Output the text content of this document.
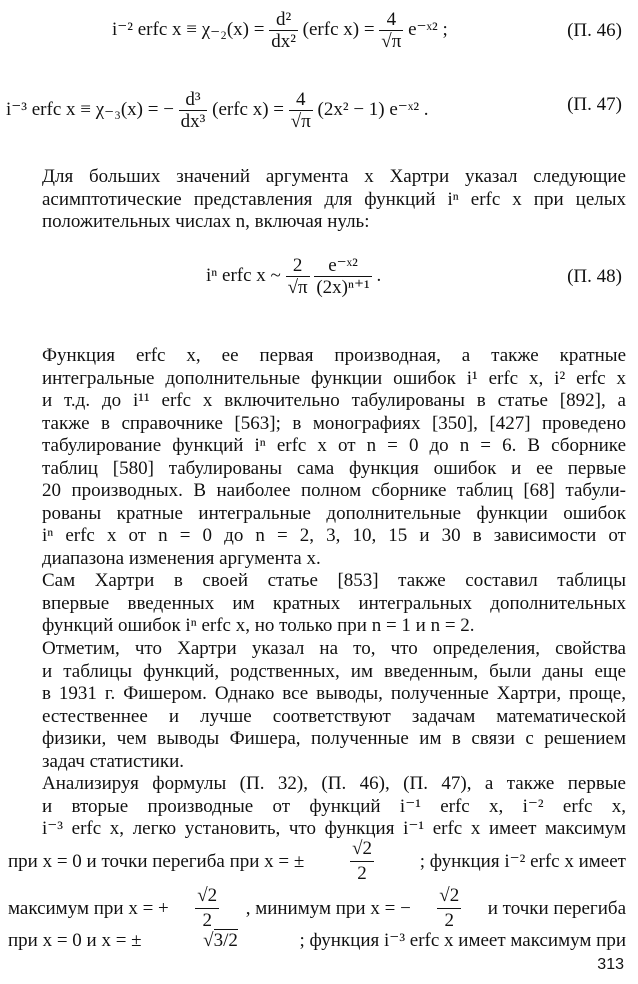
i⁻² erfc $x \equiv \chi_{-2}(x) = \frac{\text{d²}}{\text{dx²}}$ (erfc $x) = \frac{4}{√\pi}$ e⁻ˣ² ;	(П. 46)
i⁻³ erfc x ≡ χ₋₃(x) = − $\frac{\text{d³}}{\text{dx³}}$ (erfc $x) = \frac{4}{√\pi} (2x^2 - 1)$ e⁻ˣ² .	(П. 47)
Для больших значений аргумента x Хартри указал следующие
асимптотические представления для функций iⁿ erfc x при целых
положительных числах n, включая нуль:
iⁿ erfc x ~ $\frac{2}{√\pi}$
$\frac{\text{e⁻ˣ²}}{\text{(2x)ⁿ⁺¹}}$ .	(П. 48)
Функция erfc x, ее первая производная, а также кратные
интегральные дополнительные функции ошибок i¹ erfc x, i² erfc x
и т.д. до i¹¹ erfc x включительно табулированы в статье [892], а
также в справочнике [563]; в монографиях [350], [427] проведено
табулирование функций iⁿ erfc x от n = 0 до n = 6. В сборнике
таблиц [580] табулированы сама функция ошибок и ее первые
20 производных. В наиболее полном сборнике таблиц [68] табули-
рованы кратные интегральные дополнительные функции ошибок
iⁿ erfc x от n = 0 до n = 2, 3, 10, 15 и 30 в зависимости от
диапазона изменения аргумента x.
Сам Хартри в своей статье [853] также составил таблицы
впервые введенных им кратных интегральных дополнительных
функций ошибок iⁿ erfc x, но только при n = 1 и n = 2.
Отметим, что Хартри указал на то, что определения, свойства
и таблицы функций, родственных, им введенным, были даны еще
в 1931 г. Фишером. Однако все выводы, полученные Хартри, проще,
естественнее и лучше соответствуют задачам математической
физики, чем выводы Фишера, полученные им в связи с решением
задач статистики.
Анализируя формулы (П. 32), (П. 46), (П. 47), а также первые
и вторые производные от функций i⁻¹ erfc x, i⁻² erfc x,
i⁻³ erfc x, легко установить, что функция i⁻¹ erfc x имеет максимум
при x = 0 и точки перегиба при x = ± $\frac{√2}{2}$ ; функция i⁻² erfc x имеет
максимум при x = + $\frac{√2}{2}$ , минимум при x = − $\frac{√2}{2}$ и точки перегиба
при x = 0 и x = ±	√3/2	; функция i⁻³ erfc x имеет максимум при
313
